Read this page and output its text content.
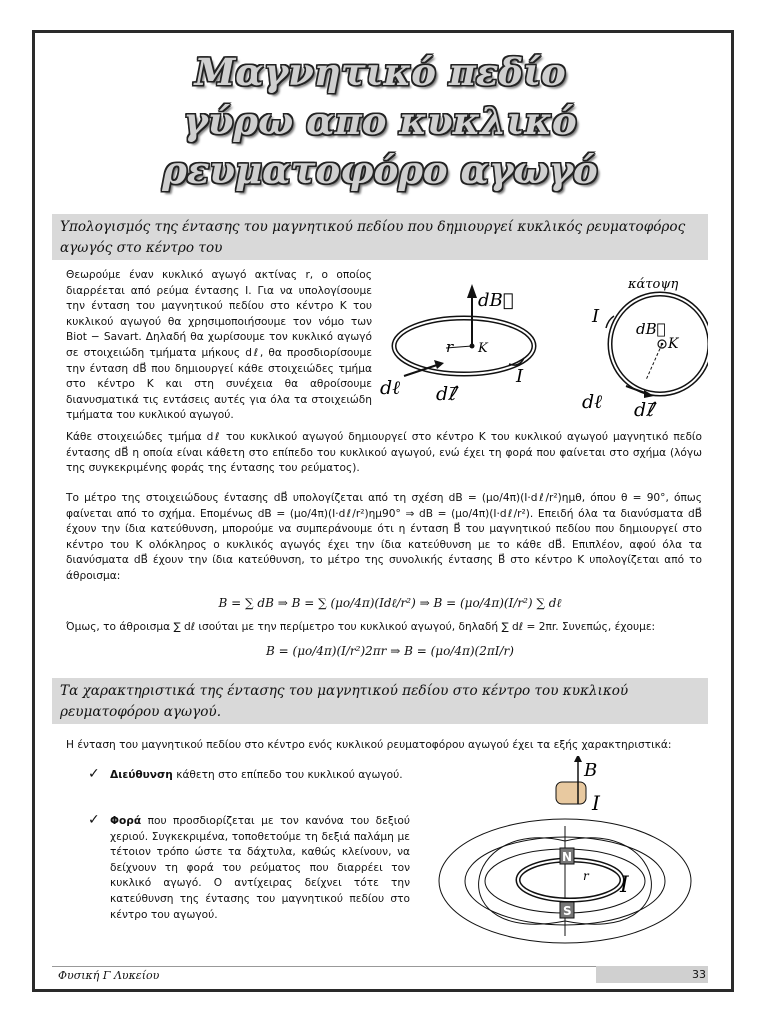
Μαγνητικό πεδίο
γύρω απο κυκλικό
ρευματοφόρο αγωγό
Υπολογισμός της έντασης του μαγνητικού πεδίου που δημιουργεί κυκλικός ρευματοφόρος αγωγός στο κέντρο του
Θεωρούμε έναν κυκλικό αγωγό ακτίνας r, ο οποίος διαρρέεται από ρεύμα έντασης I. Για να υπολογίσουμε την ένταση του μαγνητικού πεδίου στο κέντρο K του κυκλικού αγωγού θα χρησιμοποιήσουμε τον νόμο των Biot − Savart. Δηλαδή θα χωρίσουμε τον κυκλικό αγωγό σε στοιχειώδη τμήματα μήκους dℓ, θα προσδιορίσουμε την ένταση dB⃗ που δημιουργεί κάθε στοιχειώδες τμήμα στο κέντρο K και στη συνέχεια θα αθροίσουμε διανυσματικά τις εντάσεις αυτές για όλα τα στοιχειώδη τμήματα του κυκλικού αγωγού.
dB⃗
r K
I
dℓ dℓ⃗
κάτοψη
I
dB⃗
K
dℓ dℓ⃗
Κάθε στοιχειώδες τμήμα dℓ του κυκλικού αγωγού δημιουργεί στο κέντρο K του κυκλικού αγωγού μαγνητικό πεδίο έντασης dB⃗ η οποία είναι κάθετη στο επίπεδο του κυκλικού αγωγού, ενώ έχει τη φορά που φαίνεται στο σχήμα (λόγω της συγκεκριμένης φοράς της έντασης του ρεύματος).
Το μέτρο της στοιχειώδους έντασης dB⃗ υπολογίζεται από τη σχέση dB = (μο/4π)(I·dℓ/r²)ημθ, όπου θ = 90°, όπως φαίνεται από το σχήμα. Επομένως dB = (μο/4π)(I·dℓ/r²)ημ90° ⇒ dB = (μο/4π)(I·dℓ/r²). Επειδή όλα τα διανύσματα dB⃗ έχουν την ίδια κατεύθυνση, μπορούμε να συμπεράνουμε ότι η ένταση B⃗ του μαγνητικού πεδίου που δημιουργεί στο κέντρο του K ολόκληρος ο κυκλικός αγωγός έχει την ίδια κατεύθυνση με το κάθε dB⃗. Επιπλέον, αφού όλα τα διανύσματα dB⃗ έχουν την ίδια κατεύθυνση, το μέτρο της συνολικής έντασης B⃗ στο κέντρο K υπολογίζεται από το άθροισμα:
B = ∑ dB ⇒ B = ∑ (μο/4π)(Idℓ/r²) ⇒ B = (μο/4π)(I/r²) ∑ dℓ
Όμως, το άθροισμα ∑ dℓ ισούται με την περίμετρο του κυκλικού αγωγού, δηλαδή ∑ dℓ = 2πr. Συνεπώς, έχουμε:
B = (μο/4π)(I/r²)2πr ⇒ B = (μο/4π)(2πI/r)
Τα χαρακτηριστικά της έντασης του μαγνητικού πεδίου στο κέντρο του κυκλικού ρευματοφόρου αγωγού.
Η ένταση του μαγνητικού πεδίου στο κέντρο ενός κυκλικού ρευματοφόρου αγωγού έχει τα εξής χαρακτηριστικά:
✓ Διεύθυνση κάθετη στο επίπεδο του κυκλικού αγωγού.
✓ Φορά που προσδιορίζεται με τον κανόνα του δεξιού χεριού. Συγκεκριμένα, τοποθετούμε τη δεξιά παλάμη με τέτοιον τρόπο ώστε τα δάχτυλα, καθώς κλείνουν, να δείχνουν τη φορά του ρεύματος που διαρρέει τον κυκλικό αγωγό. Ο αντίχειρας δείχνει τότε την κατεύθυνση της έντασης του μαγνητικού πεδίου στο κέντρο του αγωγού.
B
I
N
S
r I
Φυσική Γ Λυκείου	33
